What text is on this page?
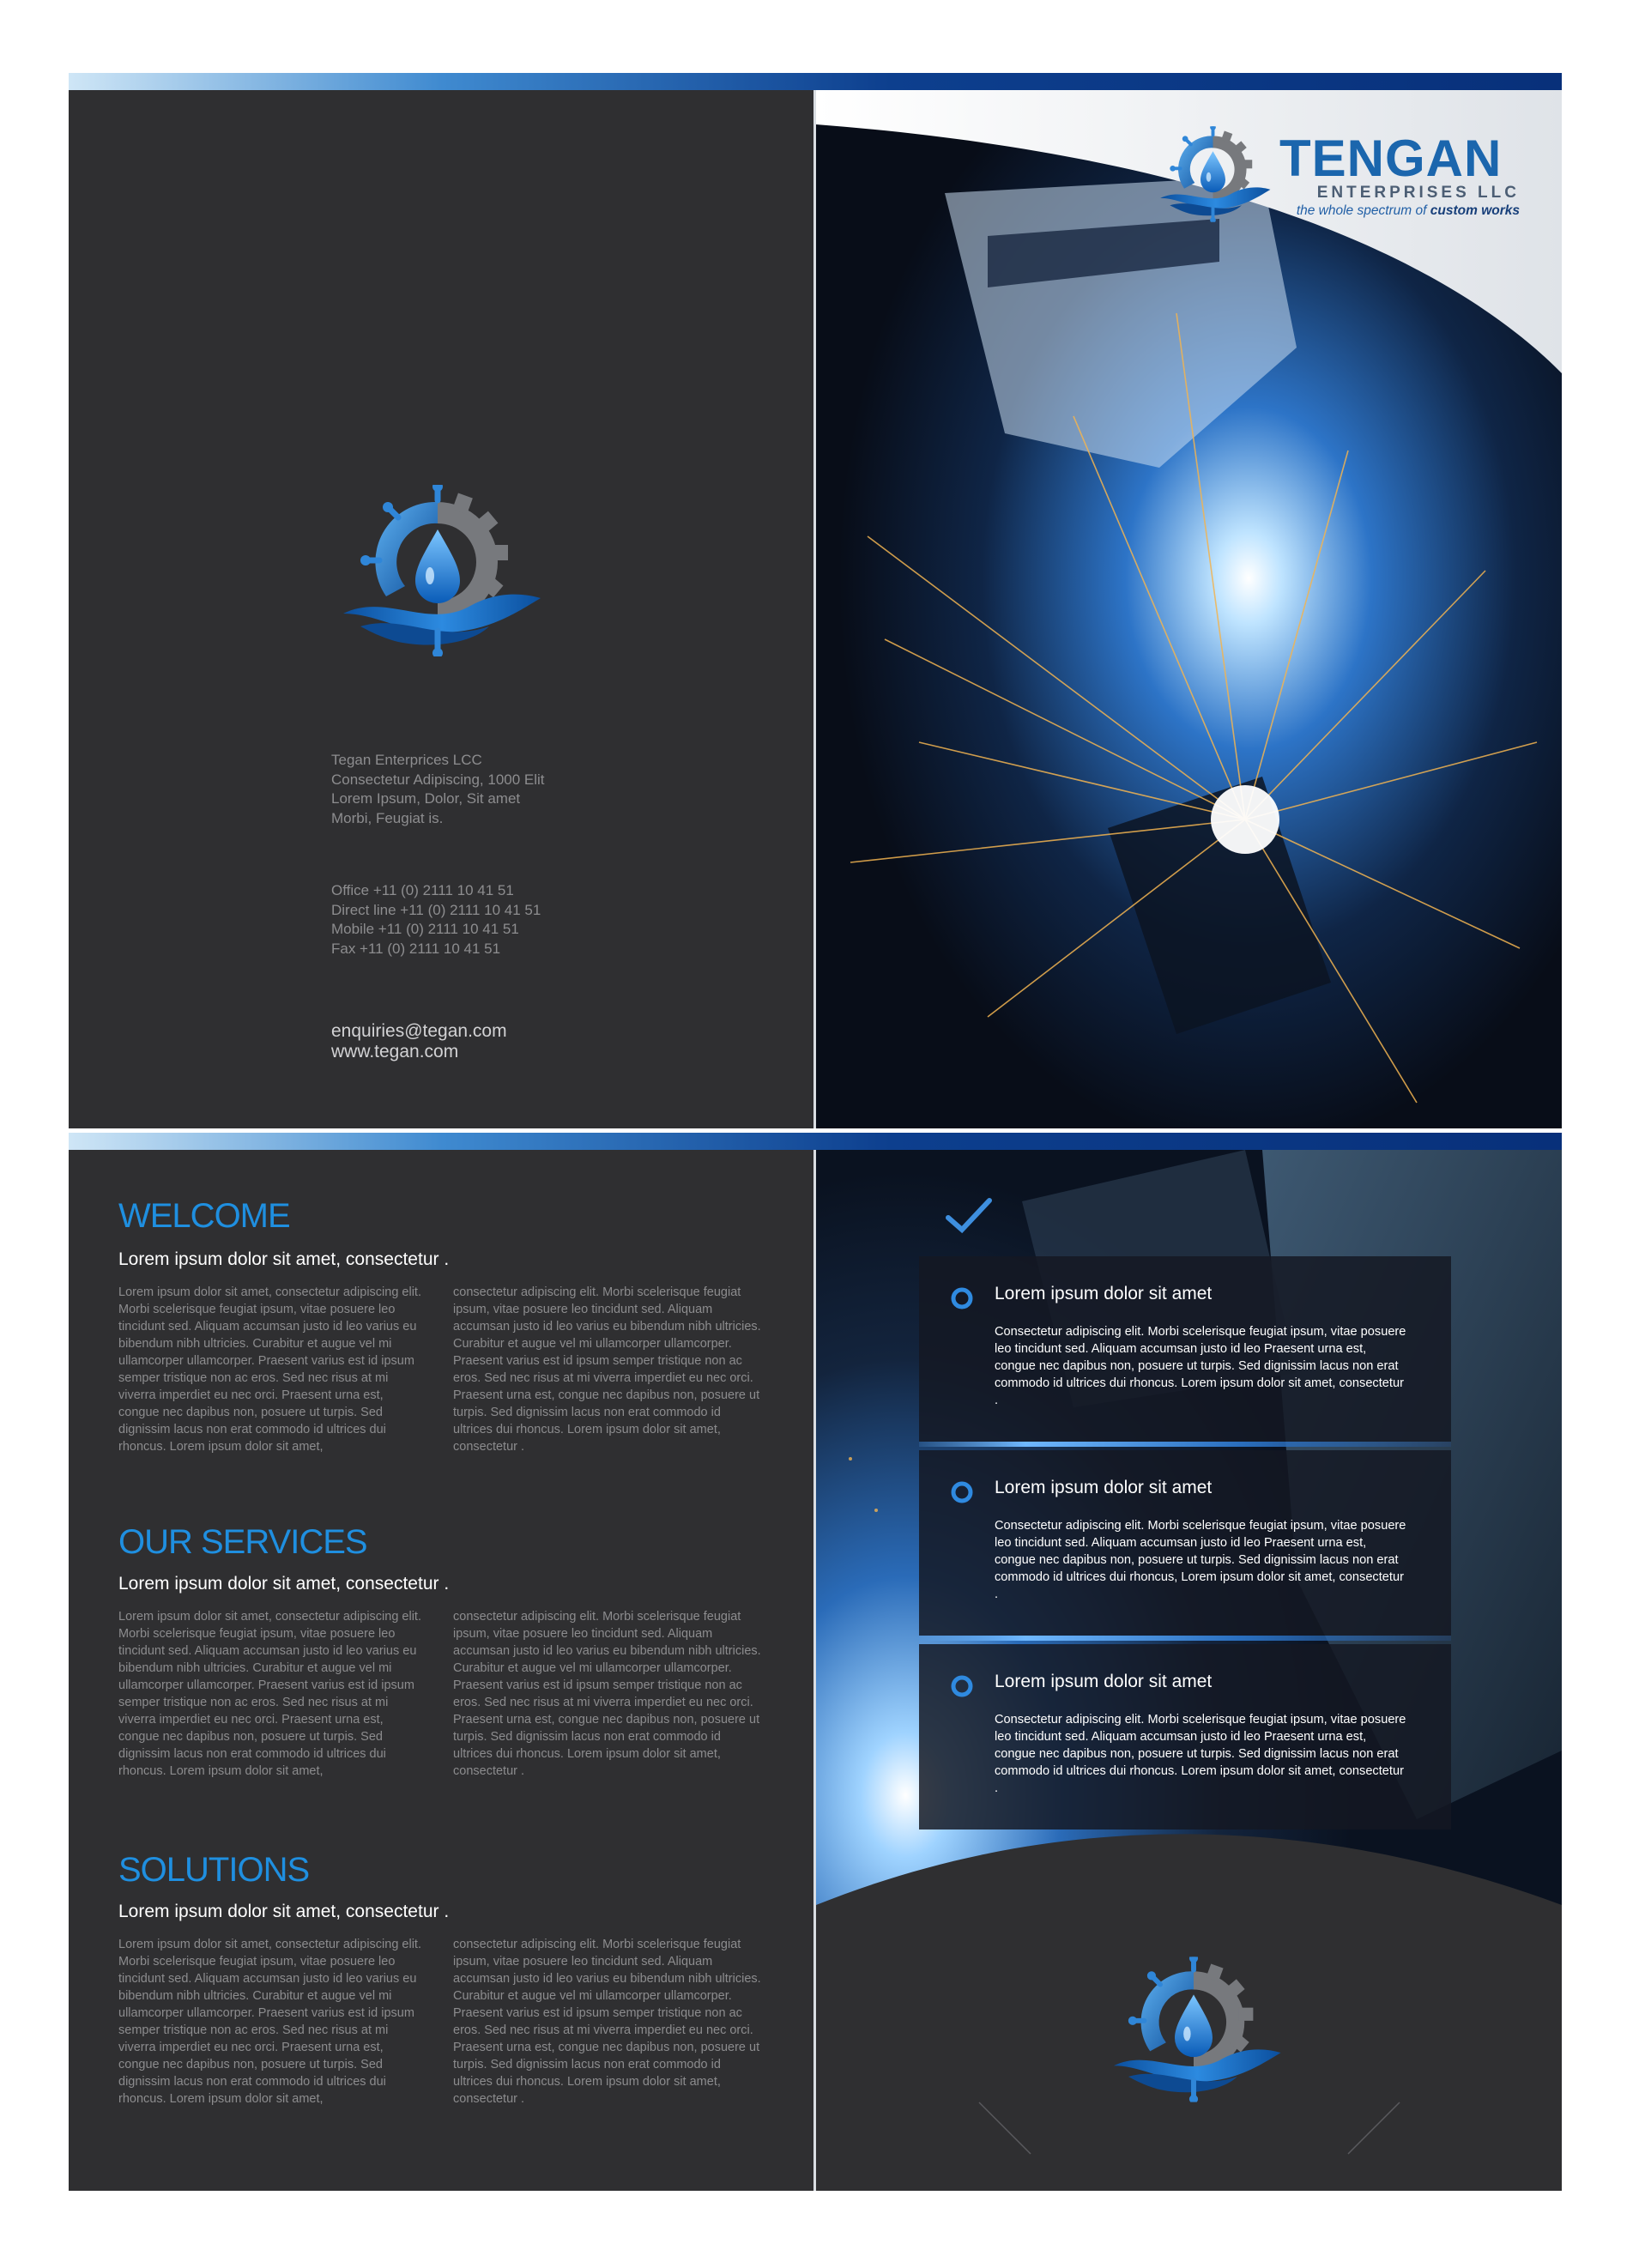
Tegan Enterprices LCC
Consectetur Adipiscing, 1000 Elit
Lorem Ipsum, Dolor, Sit amet
Morbi, Feugiat is.
Office +11 (0) 2111 10 41 51
Direct line +11 (0) 2111 10 41 51
Mobile +11 (0) 2111 10 41 51
Fax +11 (0) 2111 10 41 51
enquiries@tegan.com
www.tegan.com
TENGAN
ENTERPRISES LLC
the whole spectrum of custom works
WELCOME
Lorem ipsum dolor sit amet, consectetur .
Lorem ipsum dolor sit amet, consectetur adipiscing elit. Morbi scelerisque feugiat ipsum, vitae posuere leo tincidunt sed. Aliquam accumsan justo id leo varius eu bibendum nibh ultricies. Curabitur et augue vel mi ullamcorper ullamcorper. Praesent varius est id ipsum semper tristique non ac eros. Sed nec risus at mi viverra imperdiet eu nec orci. Praesent urna est, congue nec dapibus non, posuere ut turpis. Sed dignissim lacus non erat commodo id ultrices dui rhoncus. Lorem ipsum dolor sit amet,
consectetur adipiscing elit. Morbi scelerisque feugiat ipsum, vitae posuere leo tincidunt sed. Aliquam accumsan justo id leo varius eu bibendum nibh ultricies. Curabitur et augue vel mi ullamcorper ullamcorper. Praesent varius est id ipsum semper tristique non ac eros. Sed nec risus at mi viverra imperdiet eu nec orci. Praesent urna est, congue nec dapibus non, posuere ut turpis. Sed dignissim lacus non erat commodo id ultrices dui rhoncus. Lorem ipsum dolor sit amet, consectetur .
OUR SERVICES
Lorem ipsum dolor sit amet, consectetur .
Lorem ipsum dolor sit amet, consectetur adipiscing elit. Morbi scelerisque feugiat ipsum, vitae posuere leo tincidunt sed. Aliquam accumsan justo id leo varius eu bibendum nibh ultricies. Curabitur et augue vel mi ullamcorper ullamcorper. Praesent varius est id ipsum semper tristique non ac eros. Sed nec risus at mi viverra imperdiet eu nec orci. Praesent urna est, congue nec dapibus non, posuere ut turpis. Sed dignissim lacus non erat commodo id ultrices dui rhoncus. Lorem ipsum dolor sit amet,
consectetur adipiscing elit. Morbi scelerisque feugiat ipsum, vitae posuere leo tincidunt sed. Aliquam accumsan justo id leo varius eu bibendum nibh ultricies. Curabitur et augue vel mi ullamcorper ullamcorper. Praesent varius est id ipsum semper tristique non ac eros. Sed nec risus at mi viverra imperdiet eu nec orci. Praesent urna est, congue nec dapibus non, posuere ut turpis. Sed dignissim lacus non erat commodo id ultrices dui rhoncus. Lorem ipsum dolor sit amet, consectetur .
SOLUTIONS
Lorem ipsum dolor sit amet, consectetur .
Lorem ipsum dolor sit amet, consectetur adipiscing elit. Morbi scelerisque feugiat ipsum, vitae posuere leo tincidunt sed. Aliquam accumsan justo id leo varius eu bibendum nibh ultricies. Curabitur et augue vel mi ullamcorper ullamcorper. Praesent varius est id ipsum semper tristique non ac eros. Sed nec risus at mi viverra imperdiet eu nec orci. Praesent urna est, congue nec dapibus non, posuere ut turpis. Sed dignissim lacus non erat commodo id ultrices dui rhoncus. Lorem ipsum dolor sit amet,
consectetur adipiscing elit. Morbi scelerisque feugiat ipsum, vitae posuere leo tincidunt sed. Aliquam accumsan justo id leo varius eu bibendum nibh ultricies. Curabitur et augue vel mi ullamcorper ullamcorper. Praesent varius est id ipsum semper tristique non ac eros. Sed nec risus at mi viverra imperdiet eu nec orci. Praesent urna est, congue nec dapibus non, posuere ut turpis. Sed dignissim lacus non erat commodo id ultrices dui rhoncus. Lorem ipsum dolor sit amet, consectetur .
Lorem ipsum dolor sit amet
Consectetur adipiscing elit. Morbi scelerisque feugiat ipsum, vitae posuere leo tincidunt sed. Aliquam accumsan justo id leo Praesent urna est, congue nec dapibus non, posuere ut turpis. Sed dignissim lacus non erat commodo id ultrices dui rhoncus. Lorem ipsum dolor sit amet, consectetur .
Lorem ipsum dolor sit amet
Consectetur adipiscing elit. Morbi scelerisque feugiat ipsum, vitae posuere leo tincidunt sed. Aliquam accumsan justo id leo Praesent urna est, congue nec dapibus non, posuere ut turpis. Sed dignissim lacus non erat commodo id ultrices dui rhoncus, Lorem ipsum dolor sit amet, consectetur .
Lorem ipsum dolor sit amet
Consectetur adipiscing elit. Morbi scelerisque feugiat ipsum, vitae posuere leo tincidunt sed. Aliquam accumsan justo id leo Praesent urna est, congue nec dapibus non, posuere ut turpis. Sed dignissim lacus non erat commodo id ultrices dui rhoncus. Lorem ipsum dolor sit amet, consectetur .
